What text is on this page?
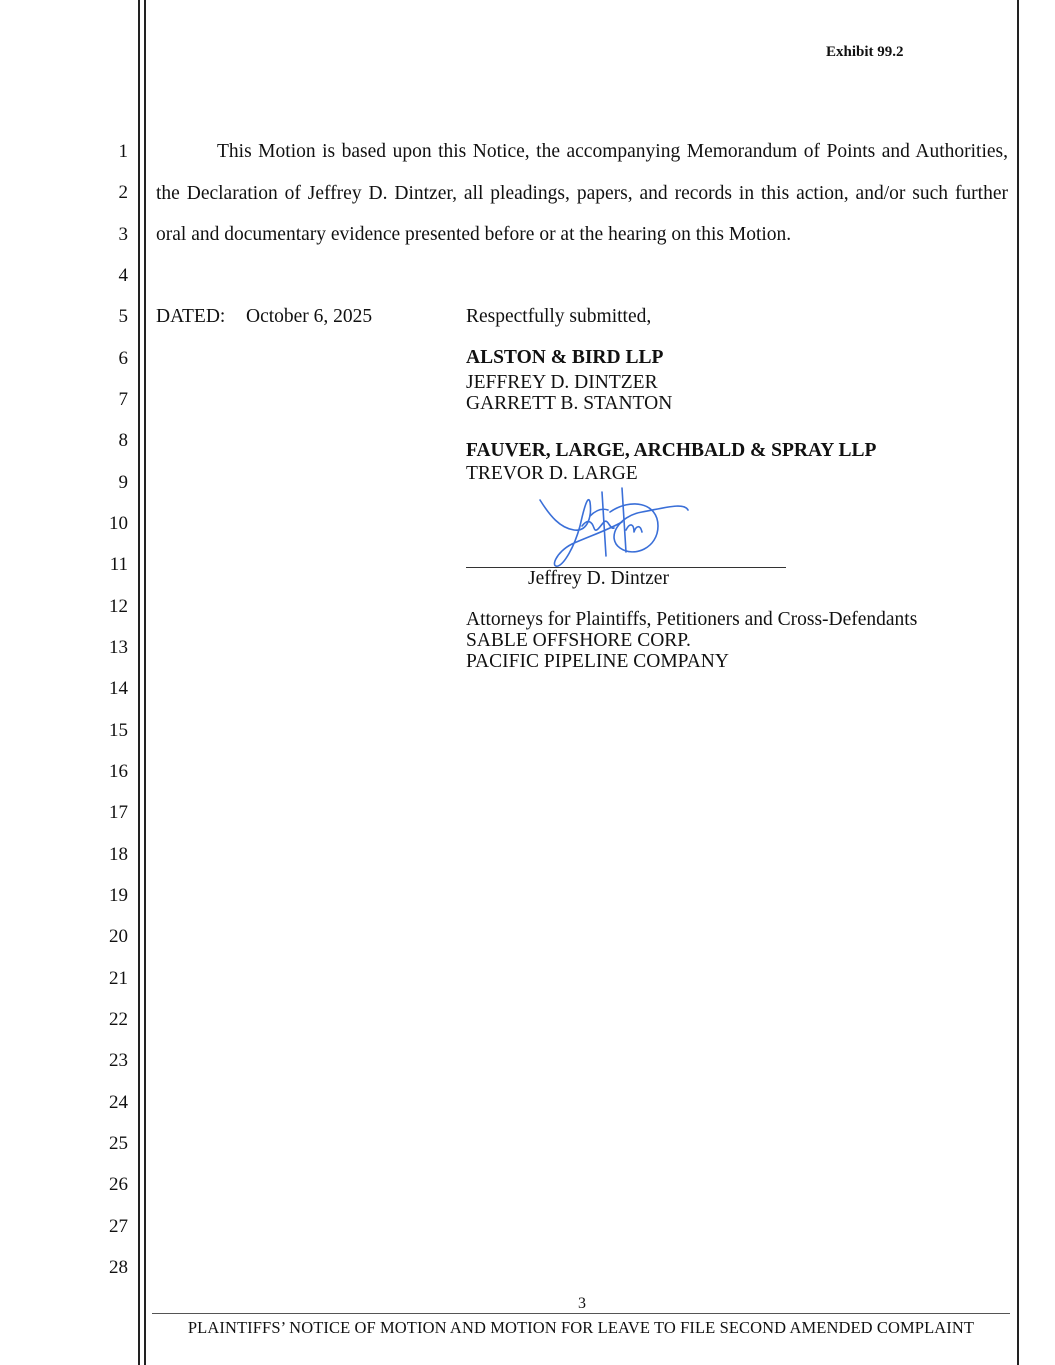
Exhibit 99.2
1
2
3
4
5
6
7
8
9
10
11
12
13
14
15
16
17
18
19
20
21
22
23
24
25
26
27
28

This Motion is based upon this Notice, the accompanying Memorandum of Points and Authorities, the Declaration of Jeffrey D. Dintzer, all pleadings, papers, and records in this action, and/or such further oral and documentary evidence presented before or at the hearing on this Motion.

DATED: October 6, 2025	Respectfully submitted,
ALSTON & BIRD LLP
JEFFREY D. DINTZER
GARRETT B. STANTON
FAUVER, LARGE, ARCHBALD & SPRAY LLP
TREVOR D. LARGE
Jeffrey D. Dintzer
Attorneys for Plaintiffs, Petitioners and Cross-Defendants
SABLE OFFSHORE CORP.
PACIFIC PIPELINE COMPANY
3
PLAINTIFFS’ NOTICE OF MOTION AND MOTION FOR LEAVE TO FILE SECOND AMENDED COMPLAINT
